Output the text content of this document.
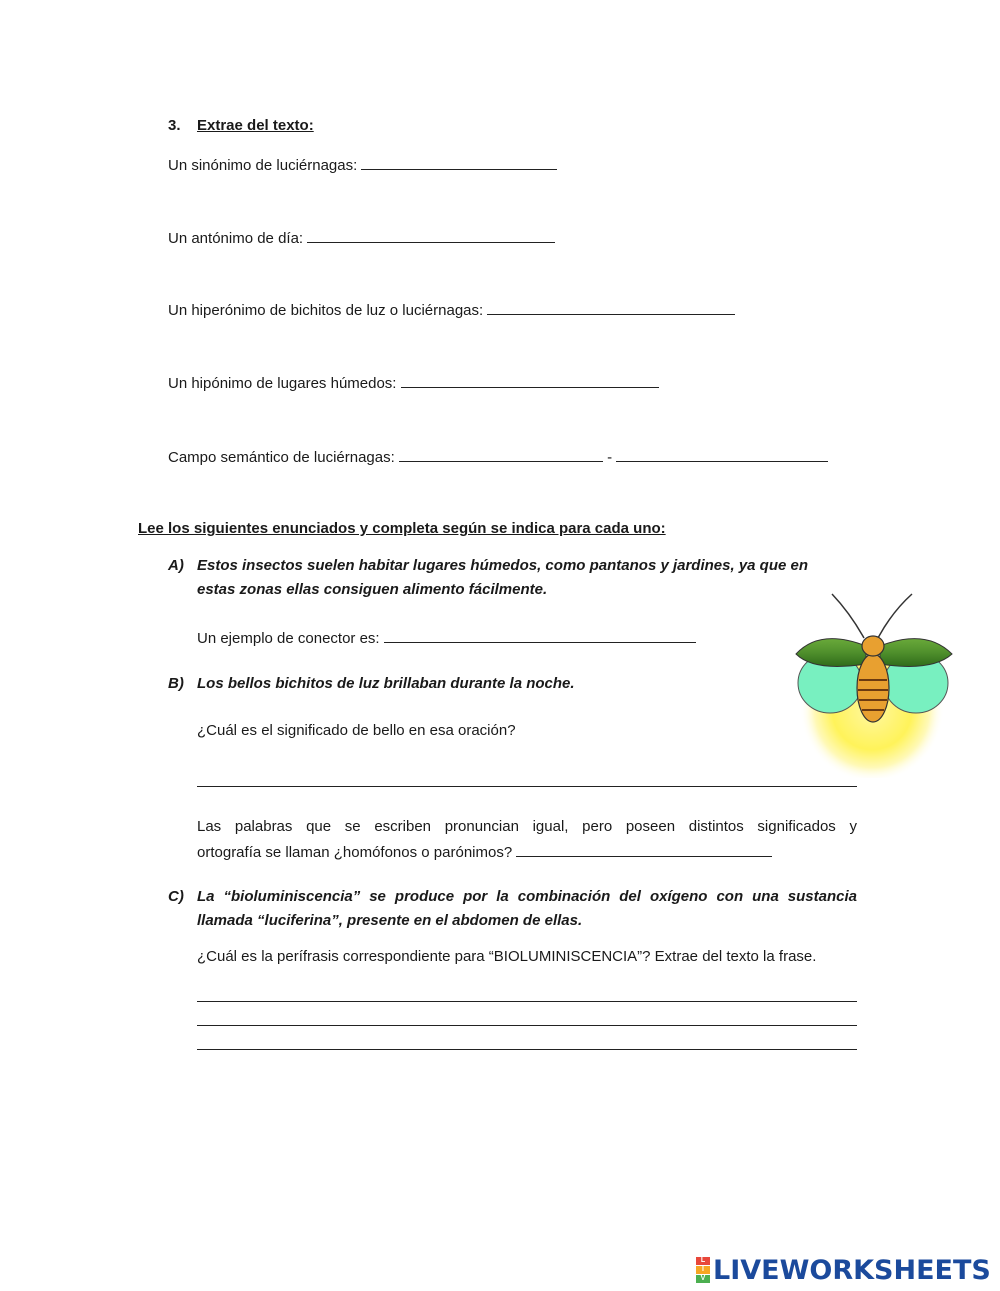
3. Extrae del texto:
Un sinónimo de luciérnagas:
Un antónimo de día:
Un hiperónimo de bichitos de luz o luciérnagas:
Un hipónimo de lugares húmedos:
Campo semántico de luciérnagas:	-
Lee los siguientes enunciados y completa según se indica para cada uno:
A) Estos insectos suelen habitar lugares húmedos, como pantanos y jardines, ya que en
estas zonas ellas consiguen alimento fácilmente.
Un ejemplo de conector es:
B) Los bellos bichitos de luz brillaban durante la noche.
¿Cuál es el significado de bello en esa oración?
Las palabras que se escriben pronuncian igual, pero poseen distintos significados y
ortografía se llaman ¿homófonos o parónimos?
C) La “bioluminiscencia” se produce por la combinación del oxígeno con una sustancia
llamada “luciferina”, presente en el abdomen de ellas.
¿Cuál es la perífrasis correspondiente para “BIOLUMINISCENCIA”? Extrae del texto la frase.
L
I
V LIVEWORKSHEETS
